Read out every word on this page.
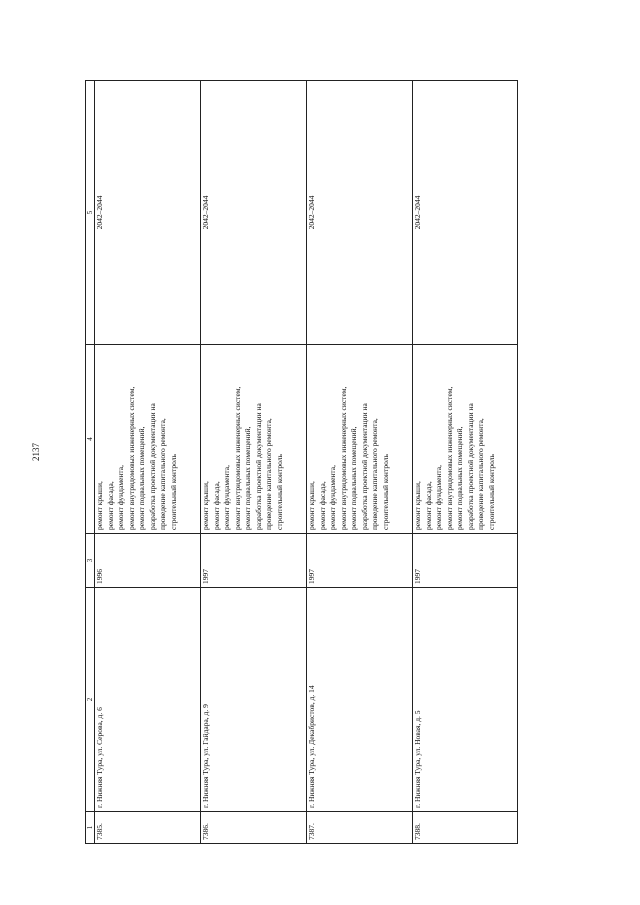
2137
1
2
3
4
5
7385.
г. Нижняя Тура, ул. Серова, д. 6
1996
ремонт крыши, ремонт фасада, ремонт фундамента, ремонт внутридомовых инженерных систем, ремонт подвальных помещений, разработка проектной документации на проведение капитального ремонта, строительный контроль
2042–2044
7386.
г. Нижняя Тура, ул. Гайдара, д. 9
1997
ремонт крыши, ремонт фасада, ремонт фундамента, ремонт внутридомовых инженерных систем, ремонт подвальных помещений, разработка проектной документации на проведение капитального ремонта, строительный контроль
2042–2044
7387.
г. Нижняя Тура, ул. Декабристов, д. 14
1997
ремонт крыши, ремонт фасада, ремонт фундамента, ремонт внутридомовых инженерных систем, ремонт подвальных помещений, разработка проектной документации на проведение капитального ремонта, строительный контроль
2042–2044
7388.
г. Нижняя Тура, ул. Новая, д. 5
1997
ремонт крыши, ремонт фасада, ремонт фундамента, ремонт внутридомовых инженерных систем, ремонт подвальных помещений, разработка проектной документации на проведение капитального ремонта, строительный контроль
2042–2044
